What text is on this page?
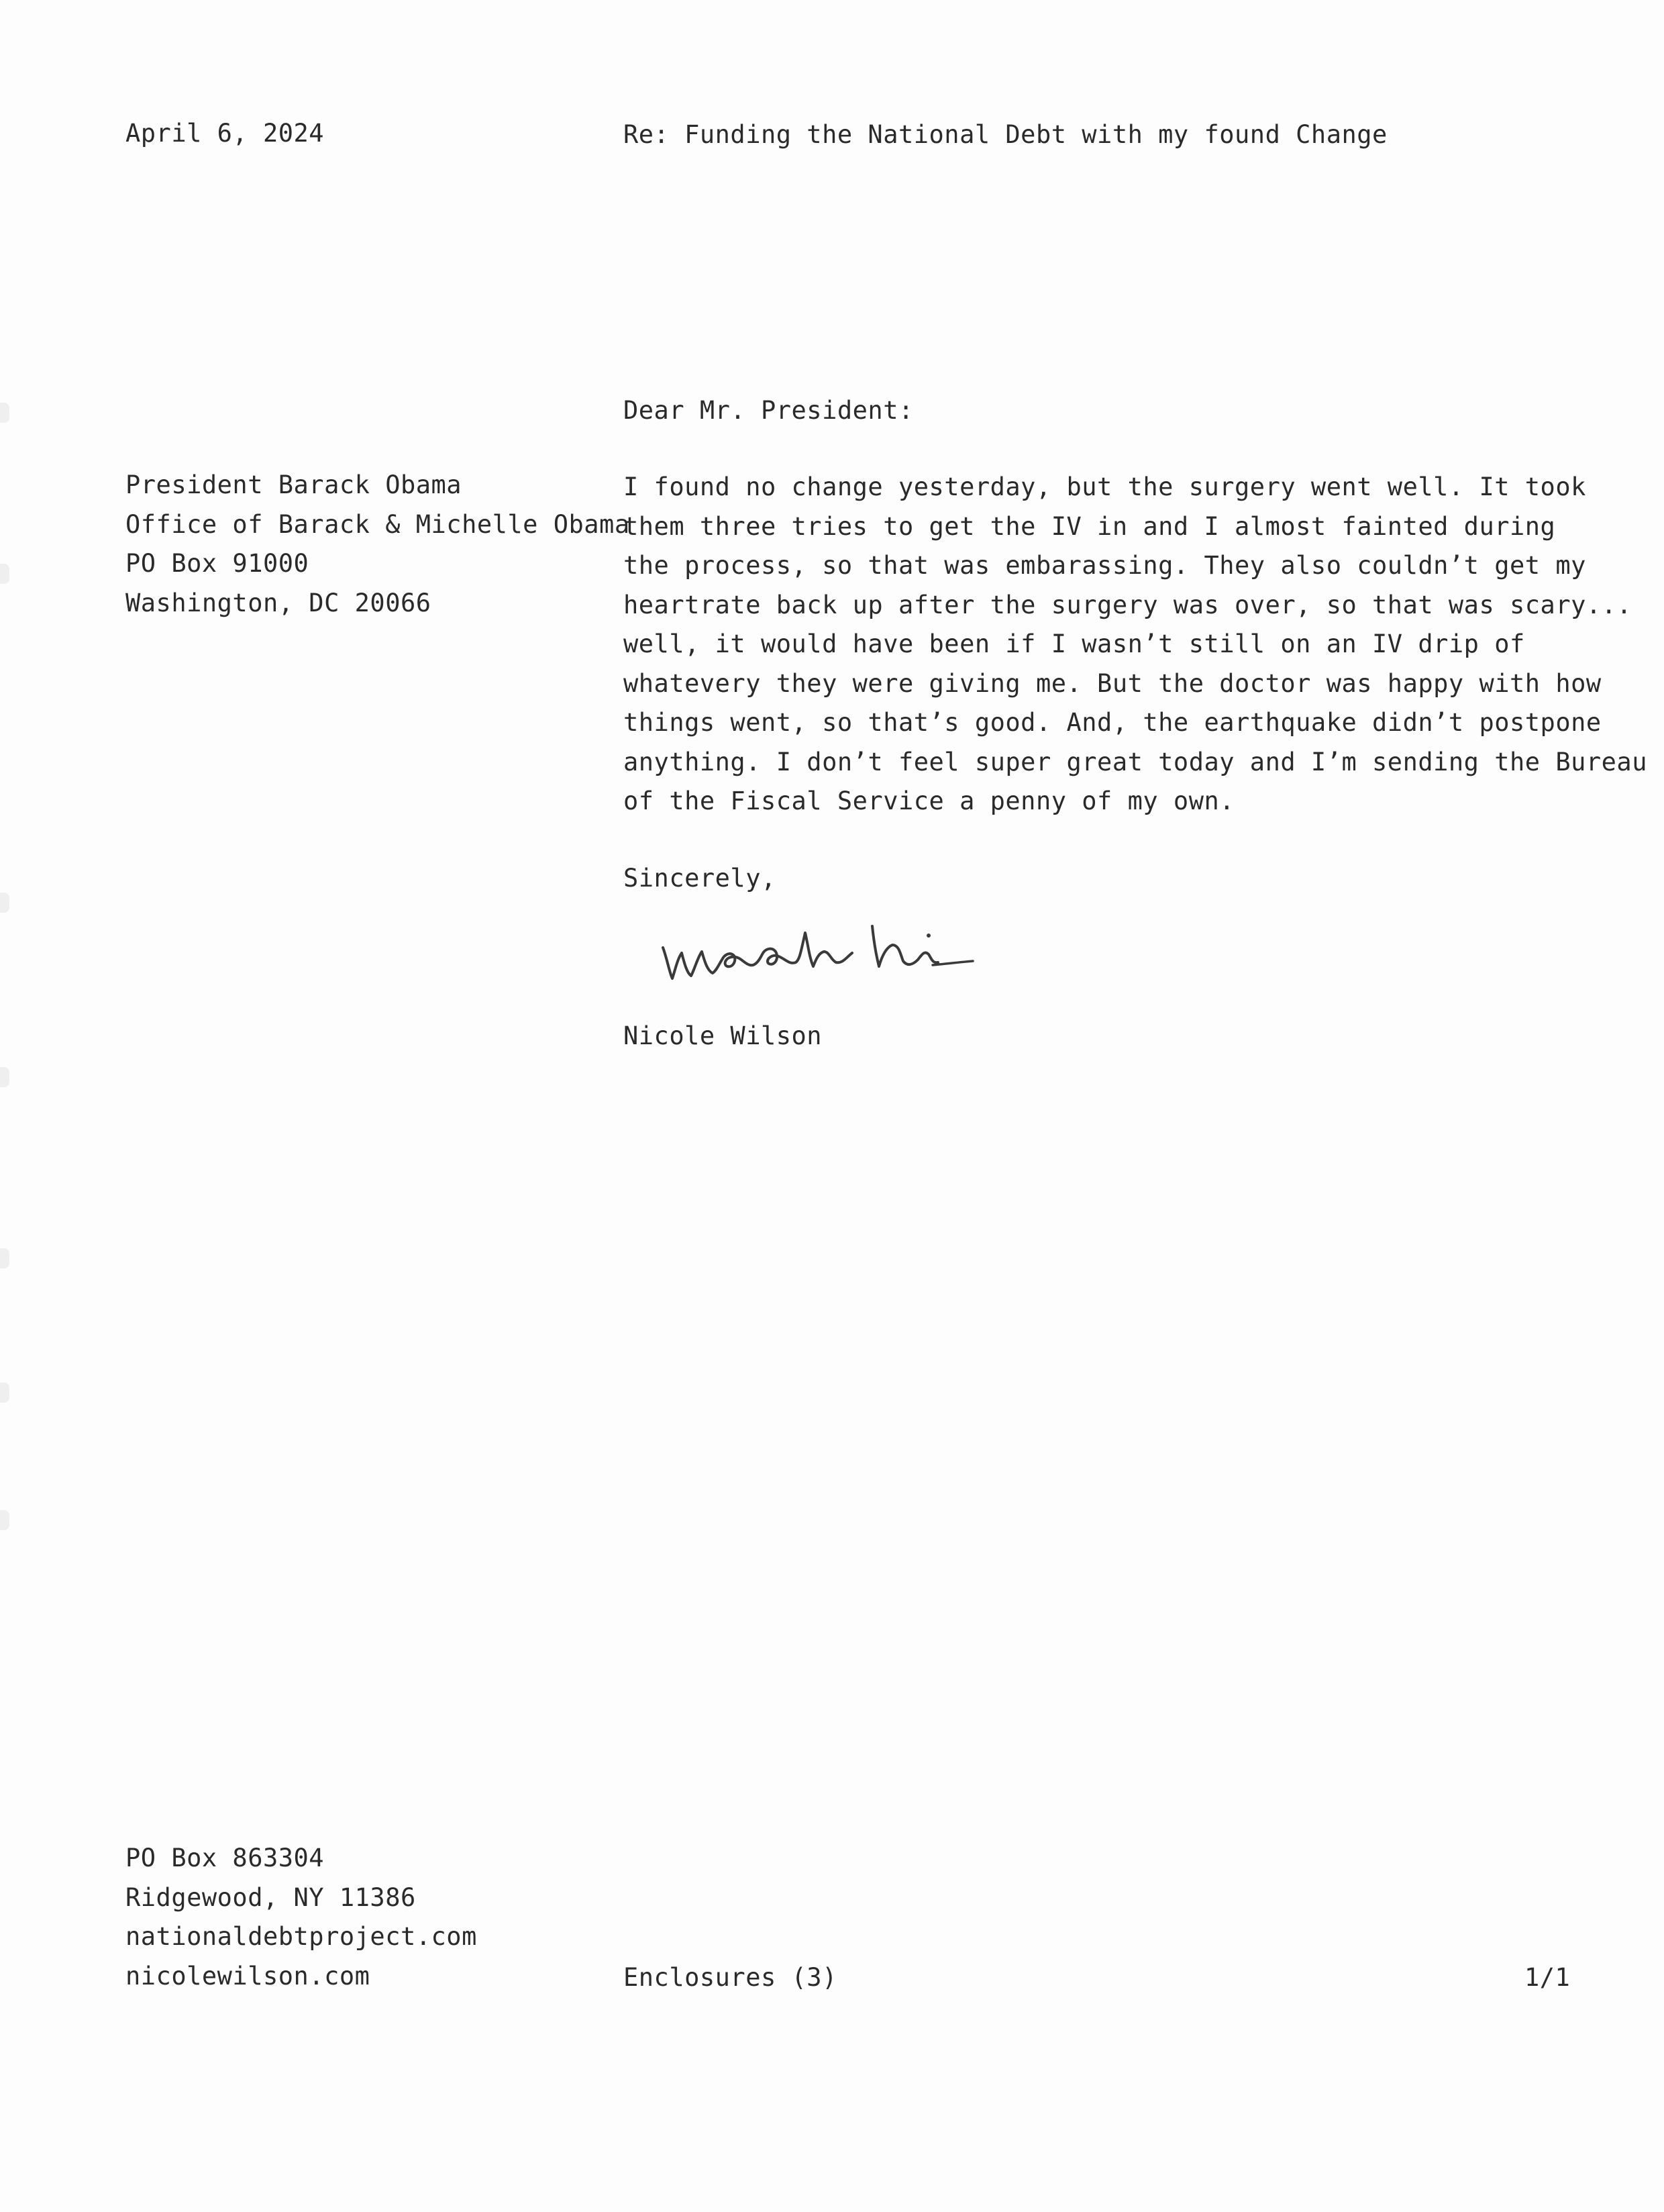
April 6, 2024	Re: Funding the National Debt with my found Change
Dear Mr. President:
President Barack Obama
Office of Barack & Michelle Obama
PO Box 91000
Washington, DC 20066
I found no change yesterday, but the surgery went well. It took
them three tries to get the IV in and I almost fainted during
the process, so that was embarassing. They also couldn’t get my
heartrate back up after the surgery was over, so that was scary...
well, it would have been if I wasn’t still on an IV drip of
whatevery they were giving me. But the doctor was happy with how
things went, so that’s good. And, the earthquake didn’t postpone
anything. I don’t feel super great today and I’m sending the Bureau
of the Fiscal Service a penny of my own.
Sincerely,
Nicole Wilson
PO Box 863304
Ridgewood, NY 11386
nationaldebtproject.com
nicolewilson.com	Enclosures (3)	1/1
